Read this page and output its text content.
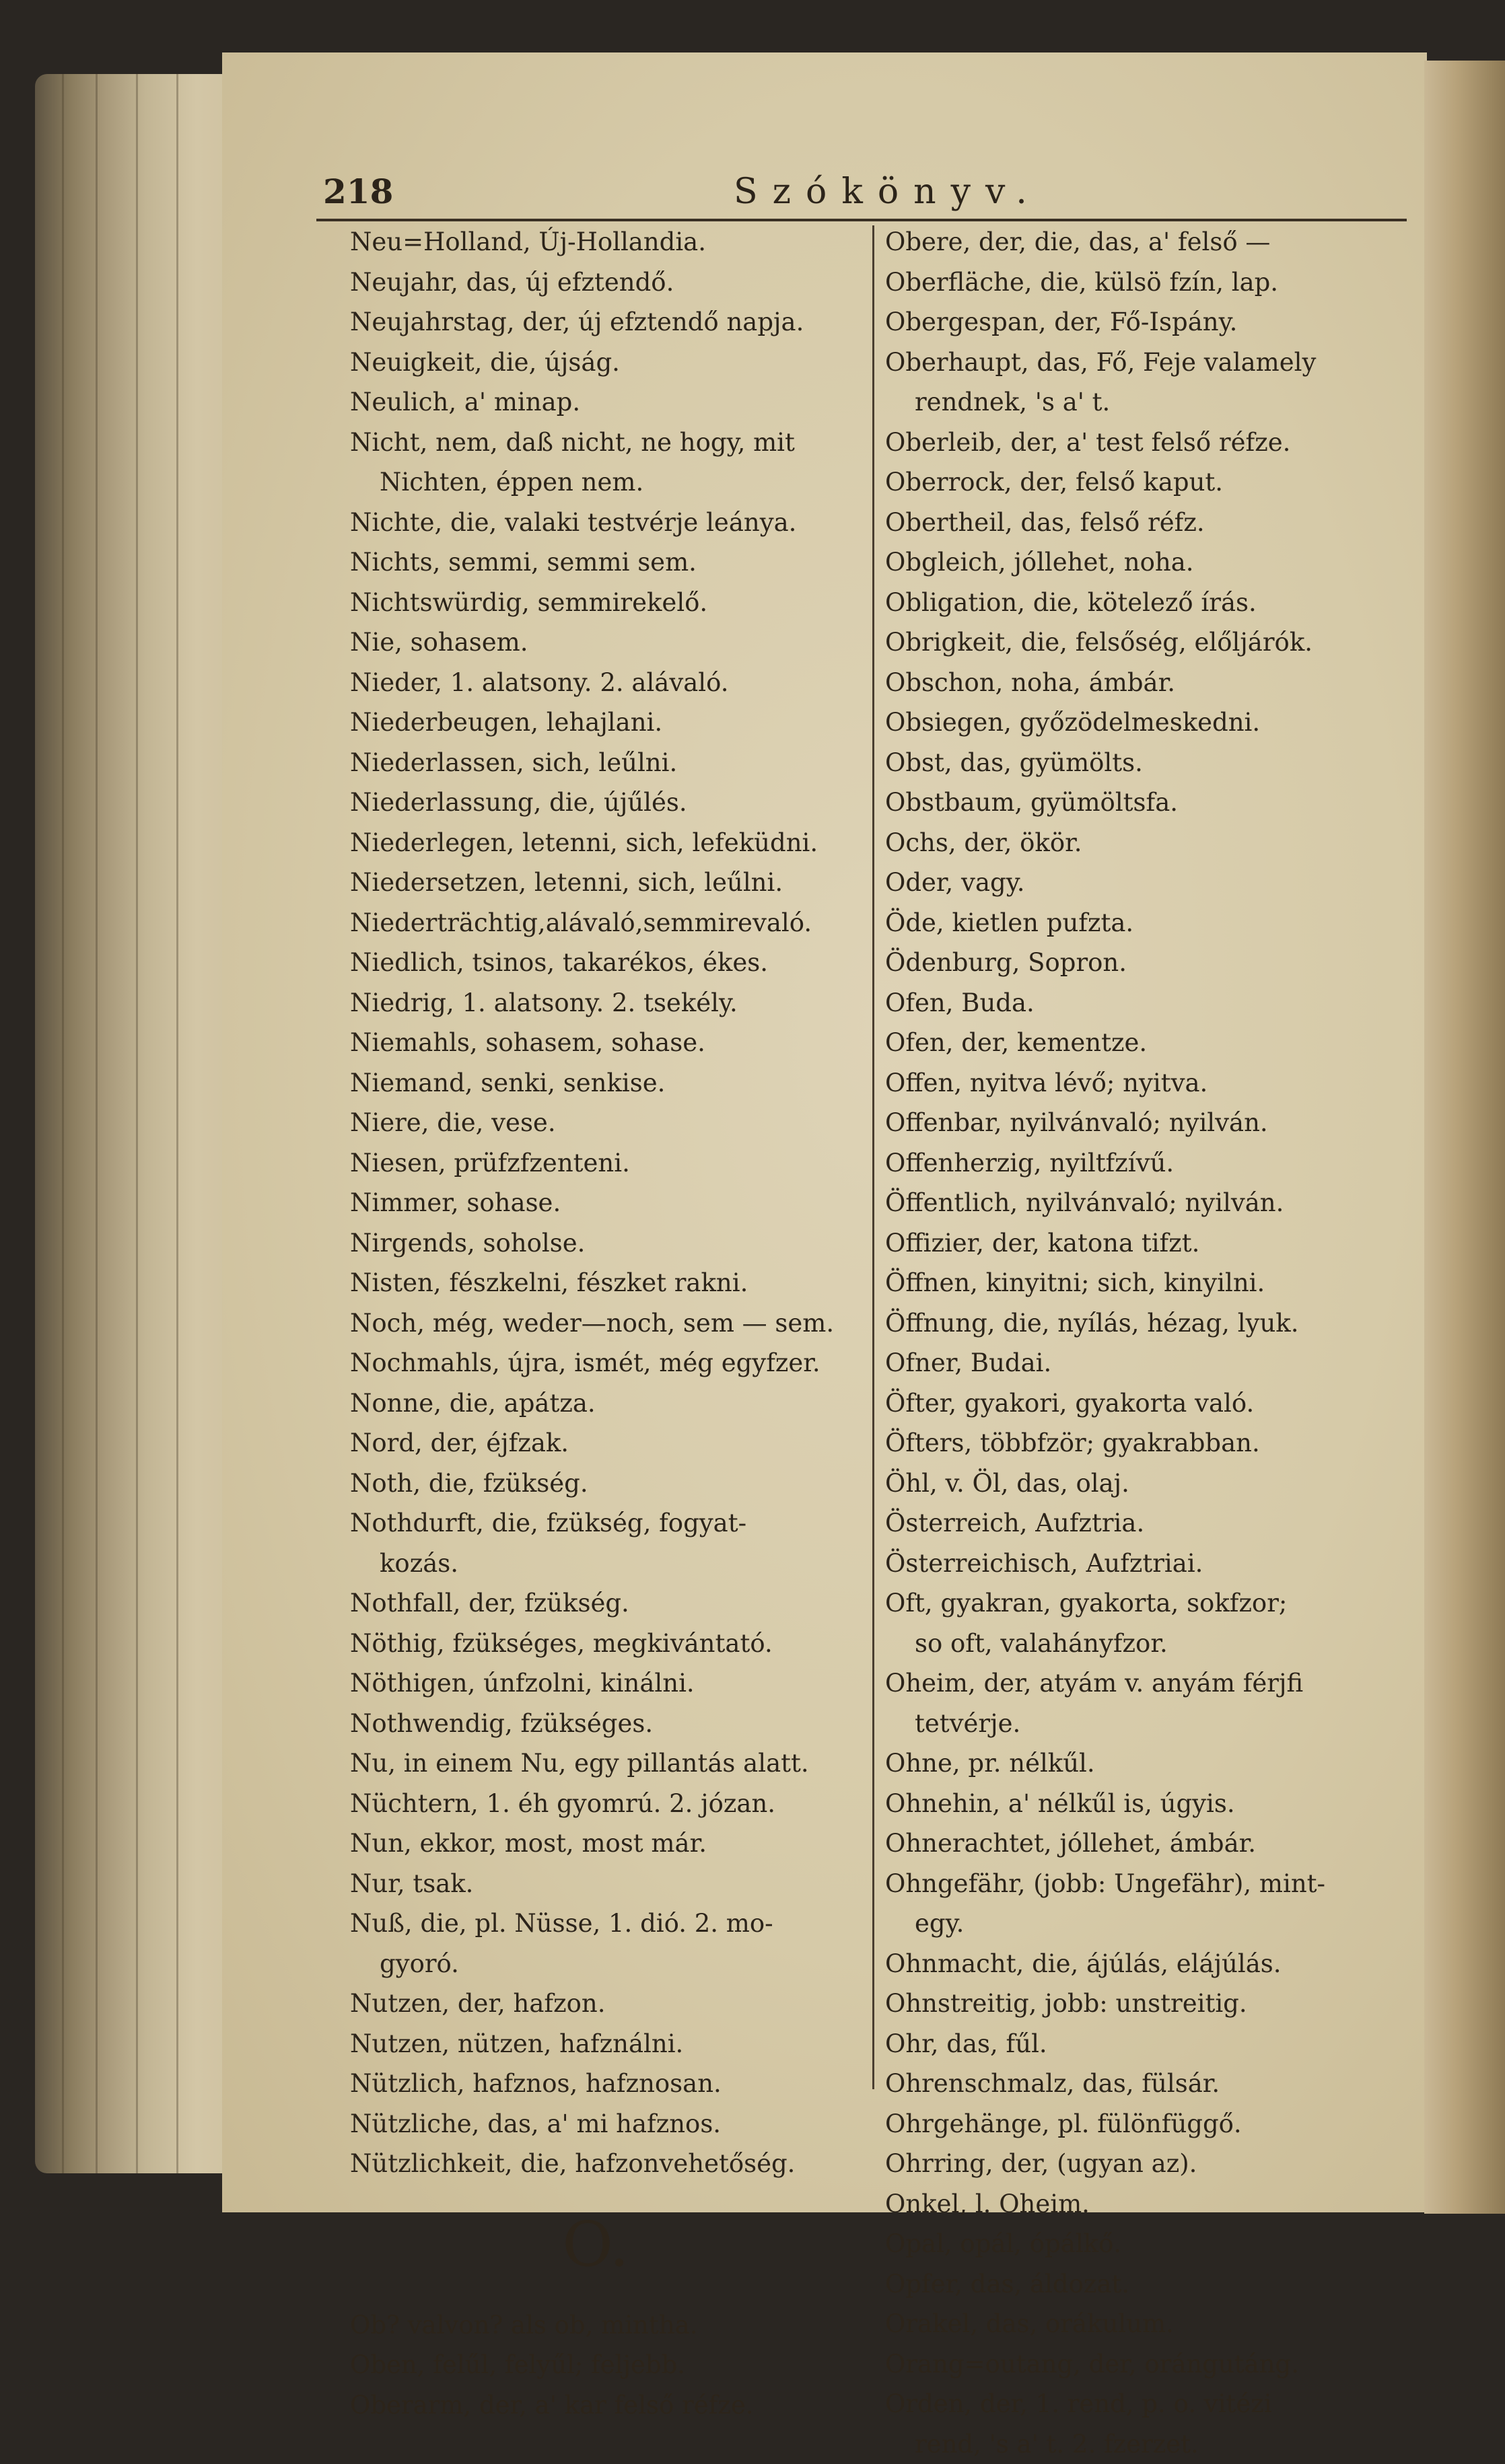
218	Szókönyv.
Neu=Holland, Új-Hollandia.
Neujahr, das, új efztendő.
Neujahrstag, der, új efztendő napja.
Neuigkeit, die, újság.
Neulich, a' minap.
Nicht, nem, daß nicht, ne hogy, mit
Nichten, éppen nem.
Nichte, die, valaki testvérje leánya.
Nichts, semmi, semmi sem.
Nichtswürdig, semmirekelő.
Nie, sohasem.
Nieder, 1. alatsony. 2. alávaló.
Niederbeugen, lehajlani.
Niederlassen, sich, leűlni.
Niederlassung, die, újűlés.
Niederlegen, letenni, sich, lefeküdni.
Niedersetzen, letenni, sich, leűlni.
Niederträchtig,alávaló,semmirevaló.
Niedlich, tsinos, takarékos, ékes.
Niedrig, 1. alatsony. 2. tsekély.
Niemahls, sohasem, sohase.
Niemand, senki, senkise.
Niere, die, vese.
Niesen, prüfzfzenteni.
Nimmer, sohase.
Nirgends, soholse.
Nisten, fészkelni, fészket rakni.
Noch, még, weder—noch, sem — sem.
Nochmahls, újra, ismét, még egyfzer.
Nonne, die, apátza.
Nord, der, éjfzak.
Noth, die, fzükség.
Nothdurft, die, fzükség, fogyat-
kozás.
Nothfall, der, fzükség.
Nöthig, fzükséges, megkivántató.
Nöthigen, únfzolni, kinálni.
Nothwendig, fzükséges.
Nu, in einem Nu, egy pillantás alatt.
Nüchtern, 1. éh gyomrú. 2. józan.
Nun, ekkor, most, most már.
Nur, tsak.
Nuß, die, pl. Nüsse, 1. dió. 2. mo-
gyoró.
Nutzen, der, hafzon.
Nutzen, nützen, hafználni.
Nützlich, hafznos, hafznosan.
Nützliche, das, a' mi hafznos.
Nützlichkeit, die, hafzonvehetőség.
O.
Ob? valvon? als ob, mintha.
Oben, felűl, felyűl; feljebb.
Oberarm, der, a' kar felső réfze.
Obere, der, die, das, a' felső —
Oberfläche, die, külsö fzín, lap.
Obergespan, der, Fő-Ispány.
Oberhaupt, das, Fő, Feje valamely
rendnek, 's a' t.
Oberleib, der, a' test felső réfze.
Oberrock, der, felső kaput.
Obertheil, das, felső réfz.
Obgleich, jóllehet, noha.
Obligation, die, kötelező írás.
Obrigkeit, die, felsőség, előljárók.
Obschon, noha, ámbár.
Obsiegen, győzödelmeskedni.
Obst, das, gyümölts.
Obstbaum, gyümöltsfa.
Ochs, der, ökör.
Oder, vagy.
Öde, kietlen pufzta.
Ödenburg, Sopron.
Ofen, Buda.
Ofen, der, kementze.
Offen, nyitva lévő; nyitva.
Offenbar, nyilvánvaló; nyilván.
Offenherzig, nyiltfzívű.
Öffentlich, nyilvánvaló; nyilván.
Offizier, der, katona tifzt.
Öffnen, kinyitni; sich, kinyilni.
Öffnung, die, nyílás, hézag, lyuk.
Ofner, Budai.
Öfter, gyakori, gyakorta való.
Öfters, többfzör; gyakrabban.
Öhl, v. Öl, das, olaj.
Österreich, Aufztria.
Österreichisch, Aufztriai.
Oft, gyakran, gyakorta, sokfzor;
so oft, valahányfzor.
Oheim, der, atyám v. anyám férjfi
tetvérje.
Ohne, pr. nélkűl.
Ohnehin, a' nélkűl is, úgyis.
Ohnerachtet, jóllehet, ámbár.
Ohngefähr, (jobb: Ungefähr), mint-
egy.
Ohnmacht, die, ájúlás, elájúlás.
Ohnstreitig, jobb: unstreitig.
Ohr, das, fűl.
Ohrenschmalz, das, fülsár.
Ohrgehänge, pl. fülönfüggő.
Ohrring, der, (ugyan az).
Onkel, l. Oheim.
Opal, opál, ópálkő.
Opfer, das, áldozat.
Orakel, das, orákulum.
Orang=outang, der, orángutáng.
Orden, der, 1. rend, p. o. vitézi
rend, 's a' t. 2. fzerzet.
